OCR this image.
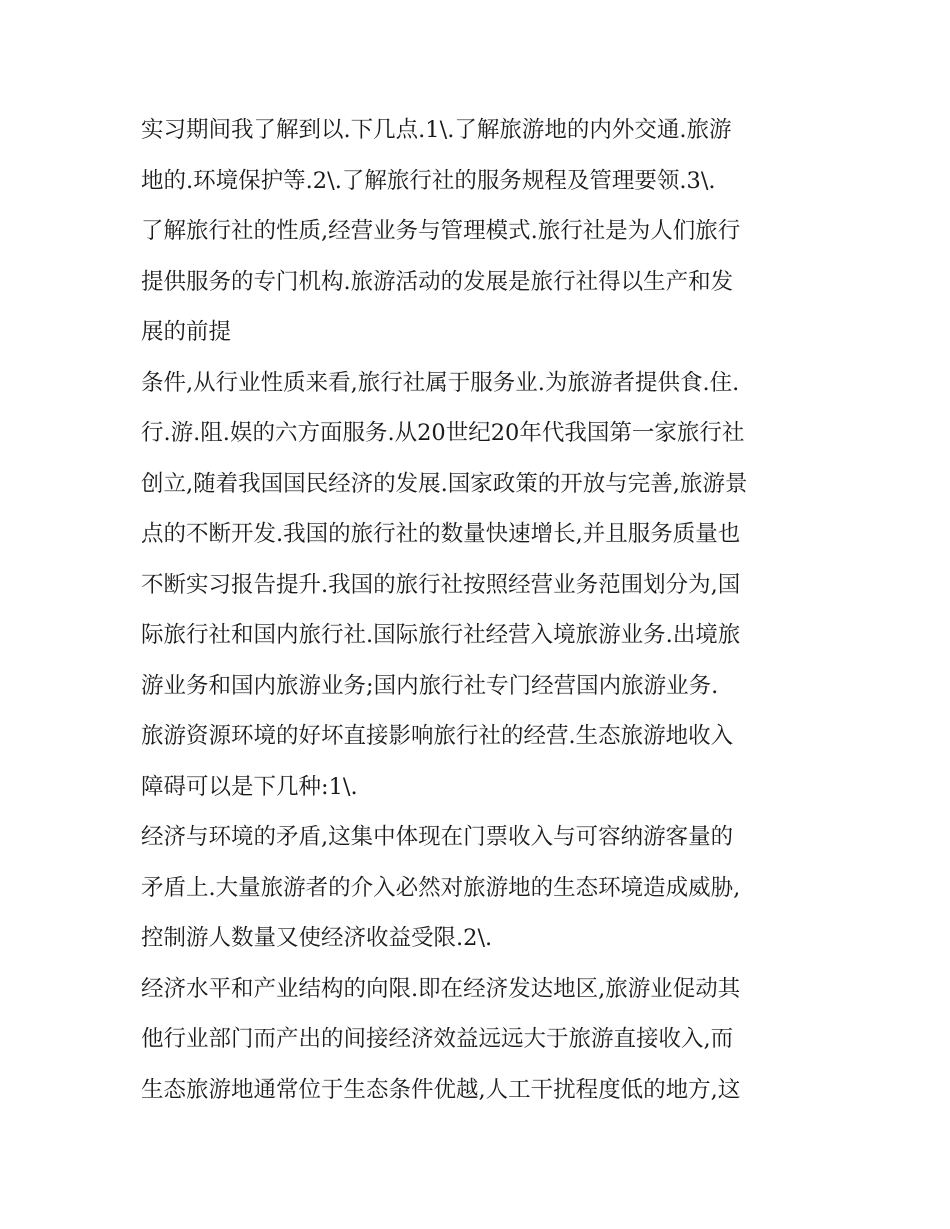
实习期间我了解到以.下几点.1\.了解旅游地的内外交通.旅游
地的.环境保护等.2\.了解旅行社的服务规程及管理要领.3\.
了解旅行社的性质,经营业务与管理模式.旅行社是为人们旅行
提供服务的专门机构.旅游活动的发展是旅行社得以生产和发
展的前提
条件,从行业性质来看,旅行社属于服务业.为旅游者提供食.住.
行.游.阻.娱的六方面服务.从20世纪20年代我国第一家旅行社
创立,随着我国国民经济的发展.国家政策的开放与完善,旅游景
点的不断开发.我国的旅行社的数量快速增长,并且服务质量也
不断实习报告提升.我国的旅行社按照经营业务范围划分为,国
际旅行社和国内旅行社.国际旅行社经营入境旅游业务.出境旅
游业务和国内旅游业务;国内旅行社专门经营国内旅游业务.
旅游资源环境的好坏直接影响旅行社的经营.生态旅游地收入
障碍可以是下几种:1\.
经济与环境的矛盾,这集中体现在门票收入与可容纳游客量的
矛盾上.大量旅游者的介入必然对旅游地的生态环境造成威胁,
控制游人数量又使经济收益受限.2\.
经济水平和产业结构的向限.即在经济发达地区,旅游业促动其
他行业部门而产出的间接经济效益远远大于旅游直接收入,而
生态旅游地通常位于生态条件优越,人工干扰程度低的地方,这
